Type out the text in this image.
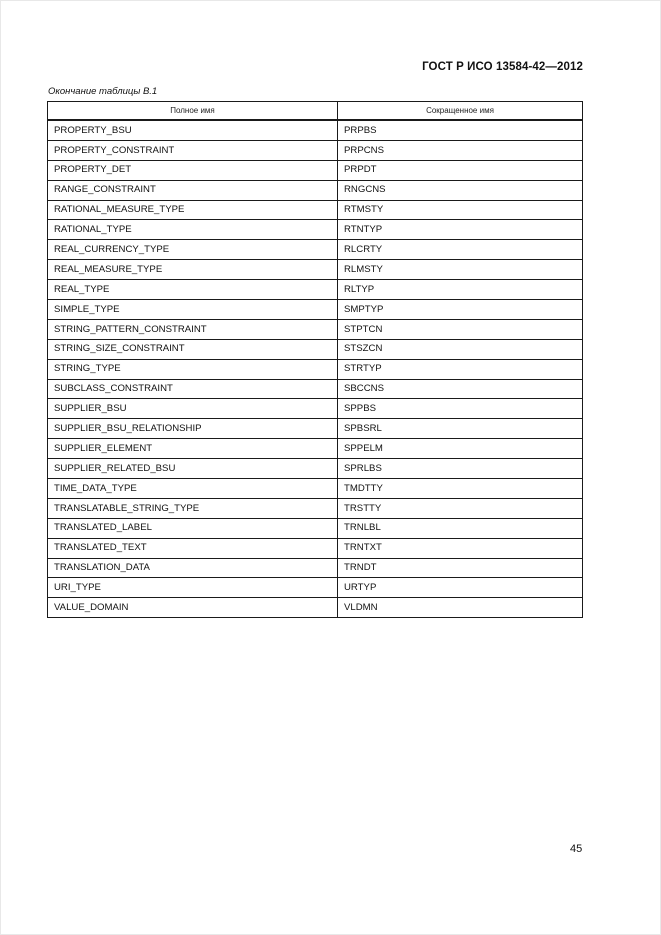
ГОСТ Р ИСО 13584-42—2012
Окончание таблицы B.1
Полное имя	Сокращенное имя
PROPERTY_BSU	PRPBS
PROPERTY_CONSTRAINT	PRPCNS
PROPERTY_DET	PRPDT
RANGE_CONSTRAINT	RNGCNS
RATIONAL_MEASURE_TYPE	RTMSTY
RATIONAL_TYPE	RTNTYP
REAL_CURRENCY_TYPE	RLCRTY
REAL_MEASURE_TYPE	RLMSTY
REAL_TYPE	RLTYP
SIMPLE_TYPE	SMPTYP
STRING_PATTERN_CONSTRAINT	STPTCN
STRING_SIZE_CONSTRAINT	STSZCN
STRING_TYPE	STRTYP
SUBCLASS_CONSTRAINT	SBCCNS
SUPPLIER_BSU	SPPBS
SUPPLIER_BSU_RELATIONSHIP	SPBSRL
SUPPLIER_ELEMENT	SPPELM
SUPPLIER_RELATED_BSU	SPRLBS
TIME_DATA_TYPE	TMDTTY
TRANSLATABLE_STRING_TYPE	TRSTTY
TRANSLATED_LABEL	TRNLBL
TRANSLATED_TEXT	TRNTXT
TRANSLATION_DATA	TRNDT
URI_TYPE	URTYP
VALUE_DOMAIN	VLDMN
45
